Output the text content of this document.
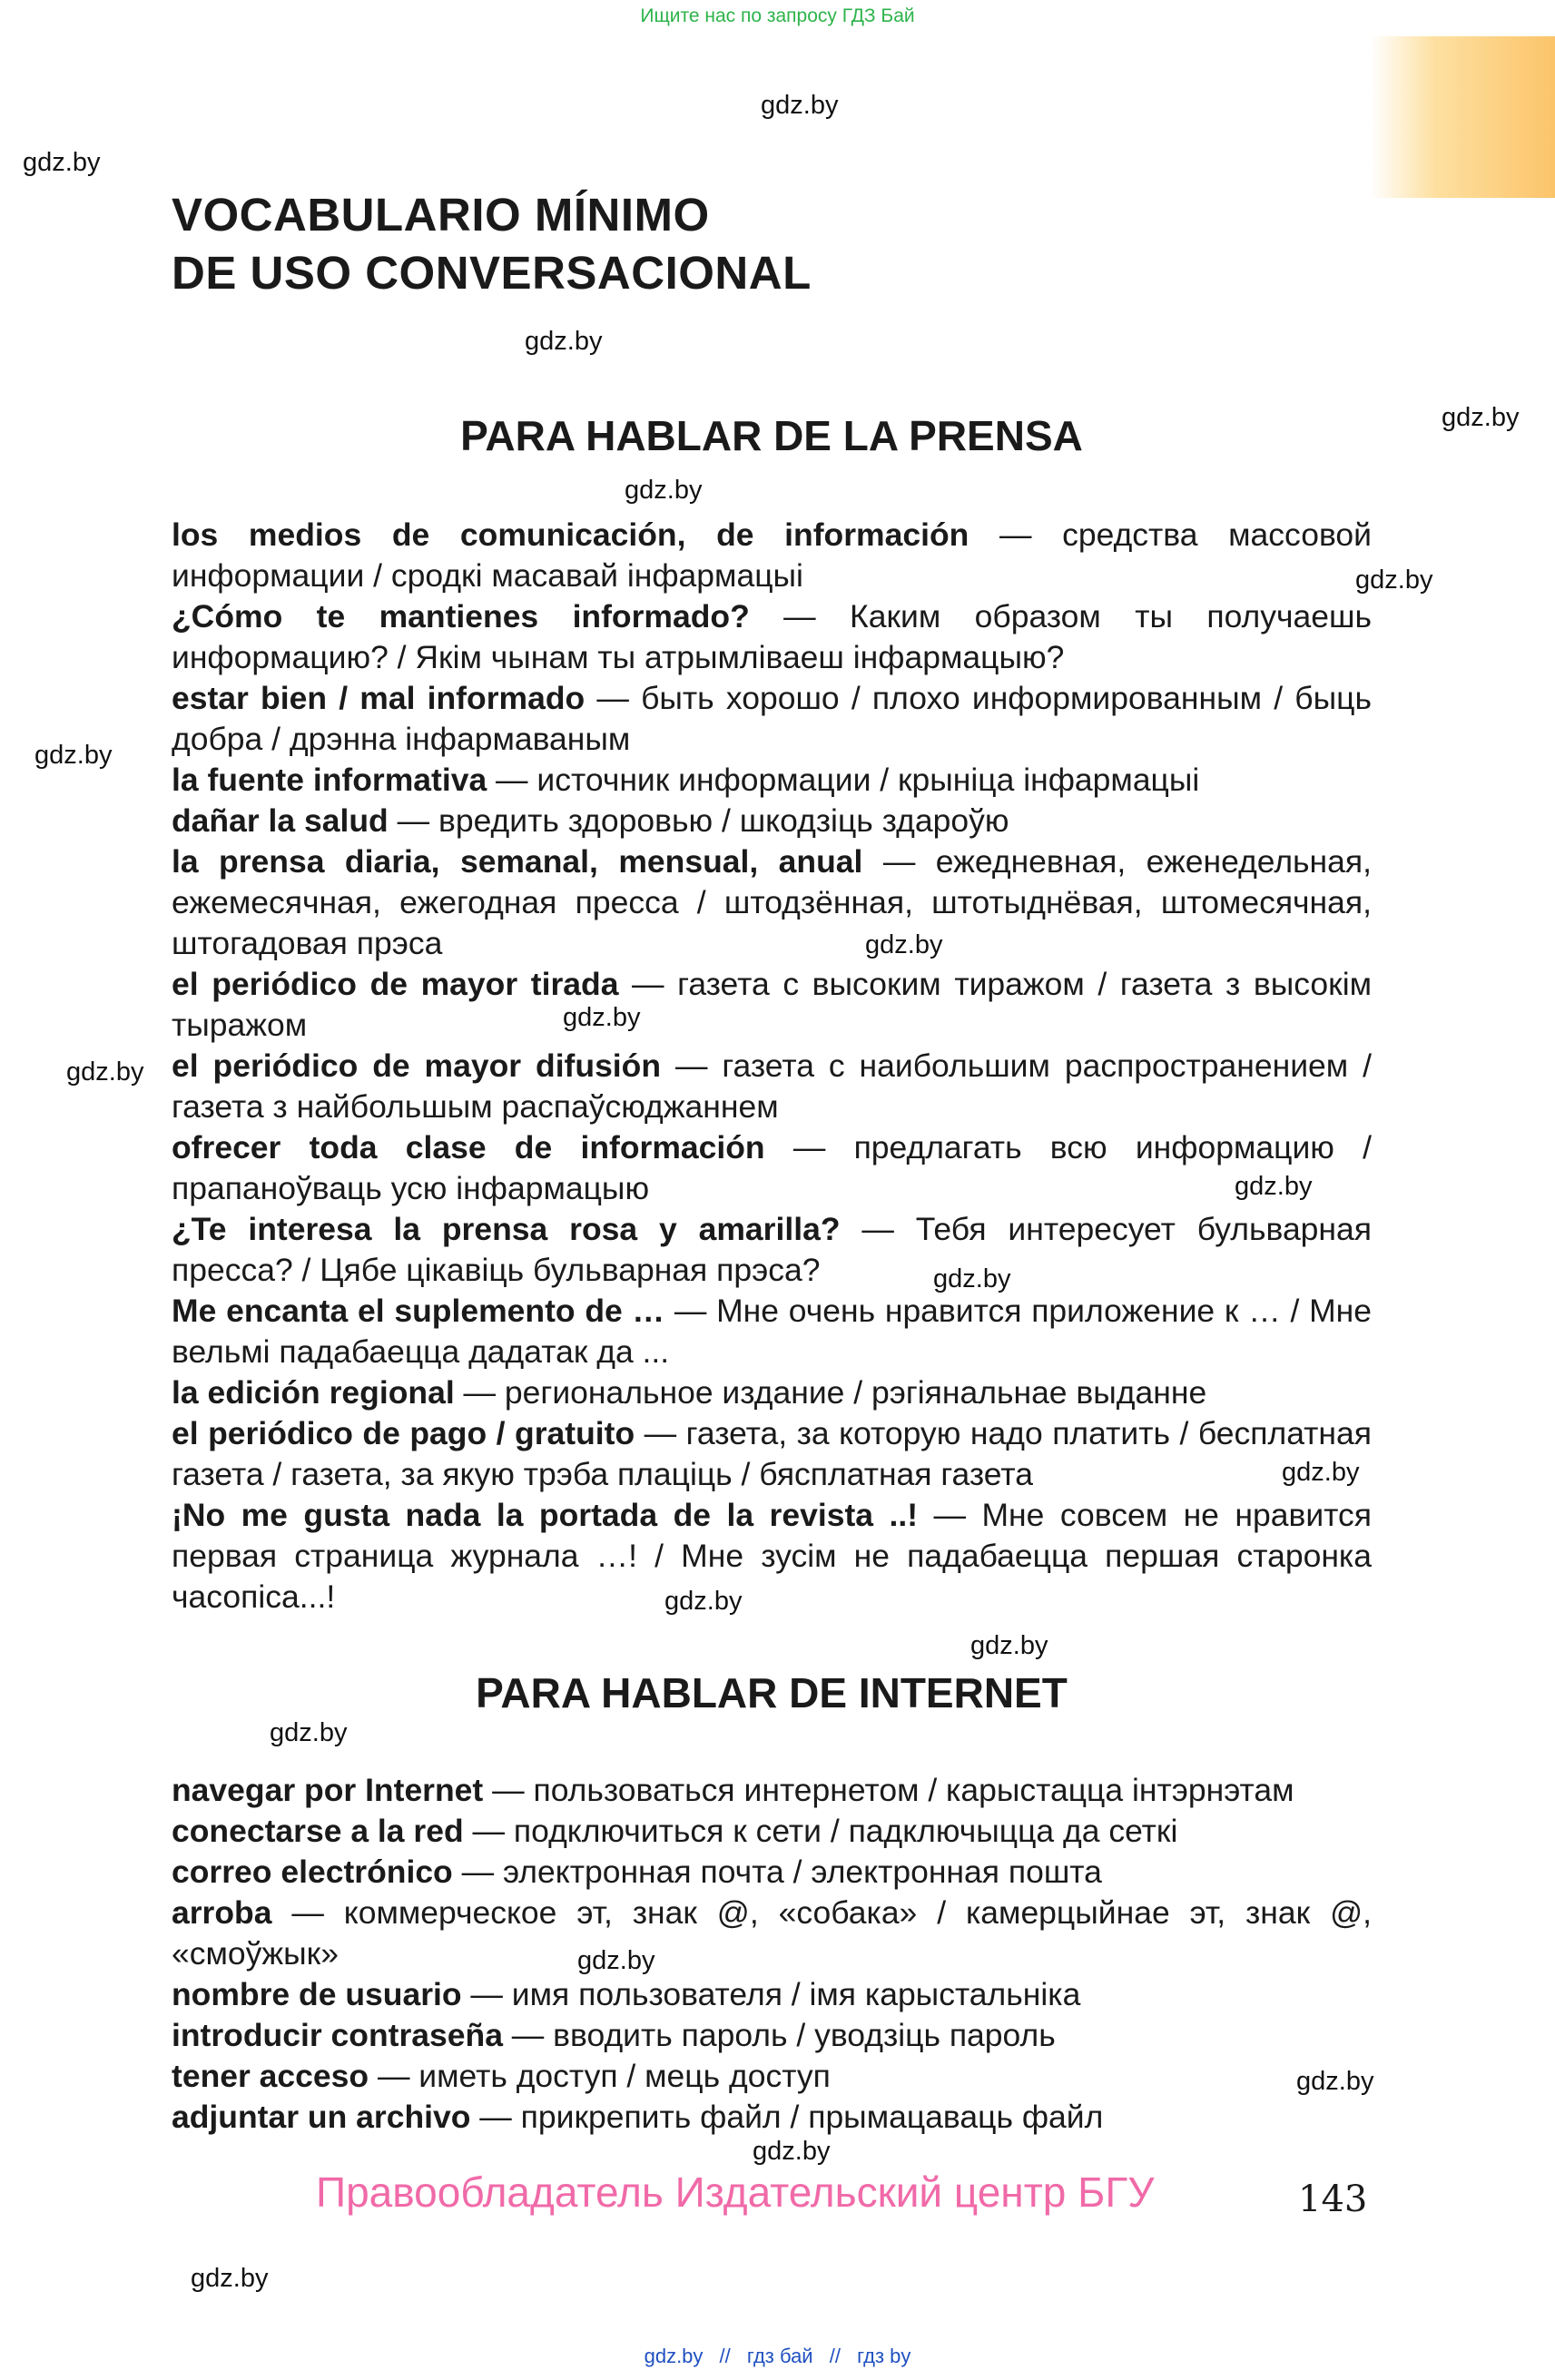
Ищите нас по запросу ГДЗ Бай
gdz.by
gdz.by
gdz.by
gdz.by
gdz.by
gdz.by
gdz.by
gdz.by
gdz.by
gdz.by
gdz.by
gdz.by
gdz.by
gdz.by
gdz.by
gdz.by
gdz.by
gdz.by
gdz.by
gdz.by
VOCABULARIO MÍNIMO
DE USO CONVERSACIONAL
PARA HABLAR DE LA PRENSA
los medios de comunicación, de información — средства массовой информации / сродкі масавай інфармацыі
¿Cómo te mantienes informado? — Каким образом ты получаешь информацию? / Якім чынам ты атрымліваеш інфармацыю?
estar bien / mal informado — быть хорошо / плохо информированным / быць добра / дрэнна інфармаваным
la fuente informativa — источник информации / крыніца інфармацыі
dañar la salud — вредить здоровью / шкодзіць здароўю
la prensa diaria, semanal, mensual, anual — ежедневная, еженедельная, ежемесячная, ежегодная пресса / штодзённая, штотыднёвая, штомесячная, штогадовая прэса
el periódico de mayor tirada — газета с высоким тиражом / газета з высокім тыражом
el periódico de mayor difusión — газета с наибольшим распространением / газета з найбольшым распаўсюджаннем
ofrecer toda clase de información — предлагать всю информацию / прапаноўваць усю інфармацыю
¿Te interesa la prensa rosa y amarilla? — Тебя интересует бульварная пресса? / Цябе цікавіць бульварная прэса?
Me encanta el suplemento de … — Мне очень нравится приложение к … / Мне вельмі падабаецца дадатак да ...
la edición regional — региональное издание / рэгіянальнае выданне
el periódico de pago / gratuito — газета, за которую надо платить / бесплатная газета / газета, за якую трэба плаціць / бясплатная газета
¡No me gusta nada la portada de la revista ..! — Мне совсем не нравится первая страница журнала …! / Мне зусім не падабаецца першая старонка часопіса...!
PARA HABLAR DE INTERNET
navegar por Internet — пользоваться интернетом / карыстацца інтэрнэтам
conectarse a la red — подключиться к сети / падключыцца да сеткі
correo electrónico — электронная почта / электронная пошта
arroba — коммерческое эт, знак @, «собака» / камерцыйнае эт, знак @, «смоўжык»
nombre de usuario — имя пользователя / імя карыстальніка
introducir contraseña — вводить пароль / уводзіць пароль
tener acceso — иметь доступ / мець доступ
adjuntar un archivo — прикрепить файл / прымацаваць файл
Правообладатель Издательский центр БГУ	143
gdz.by // гдз бай // гдз by
